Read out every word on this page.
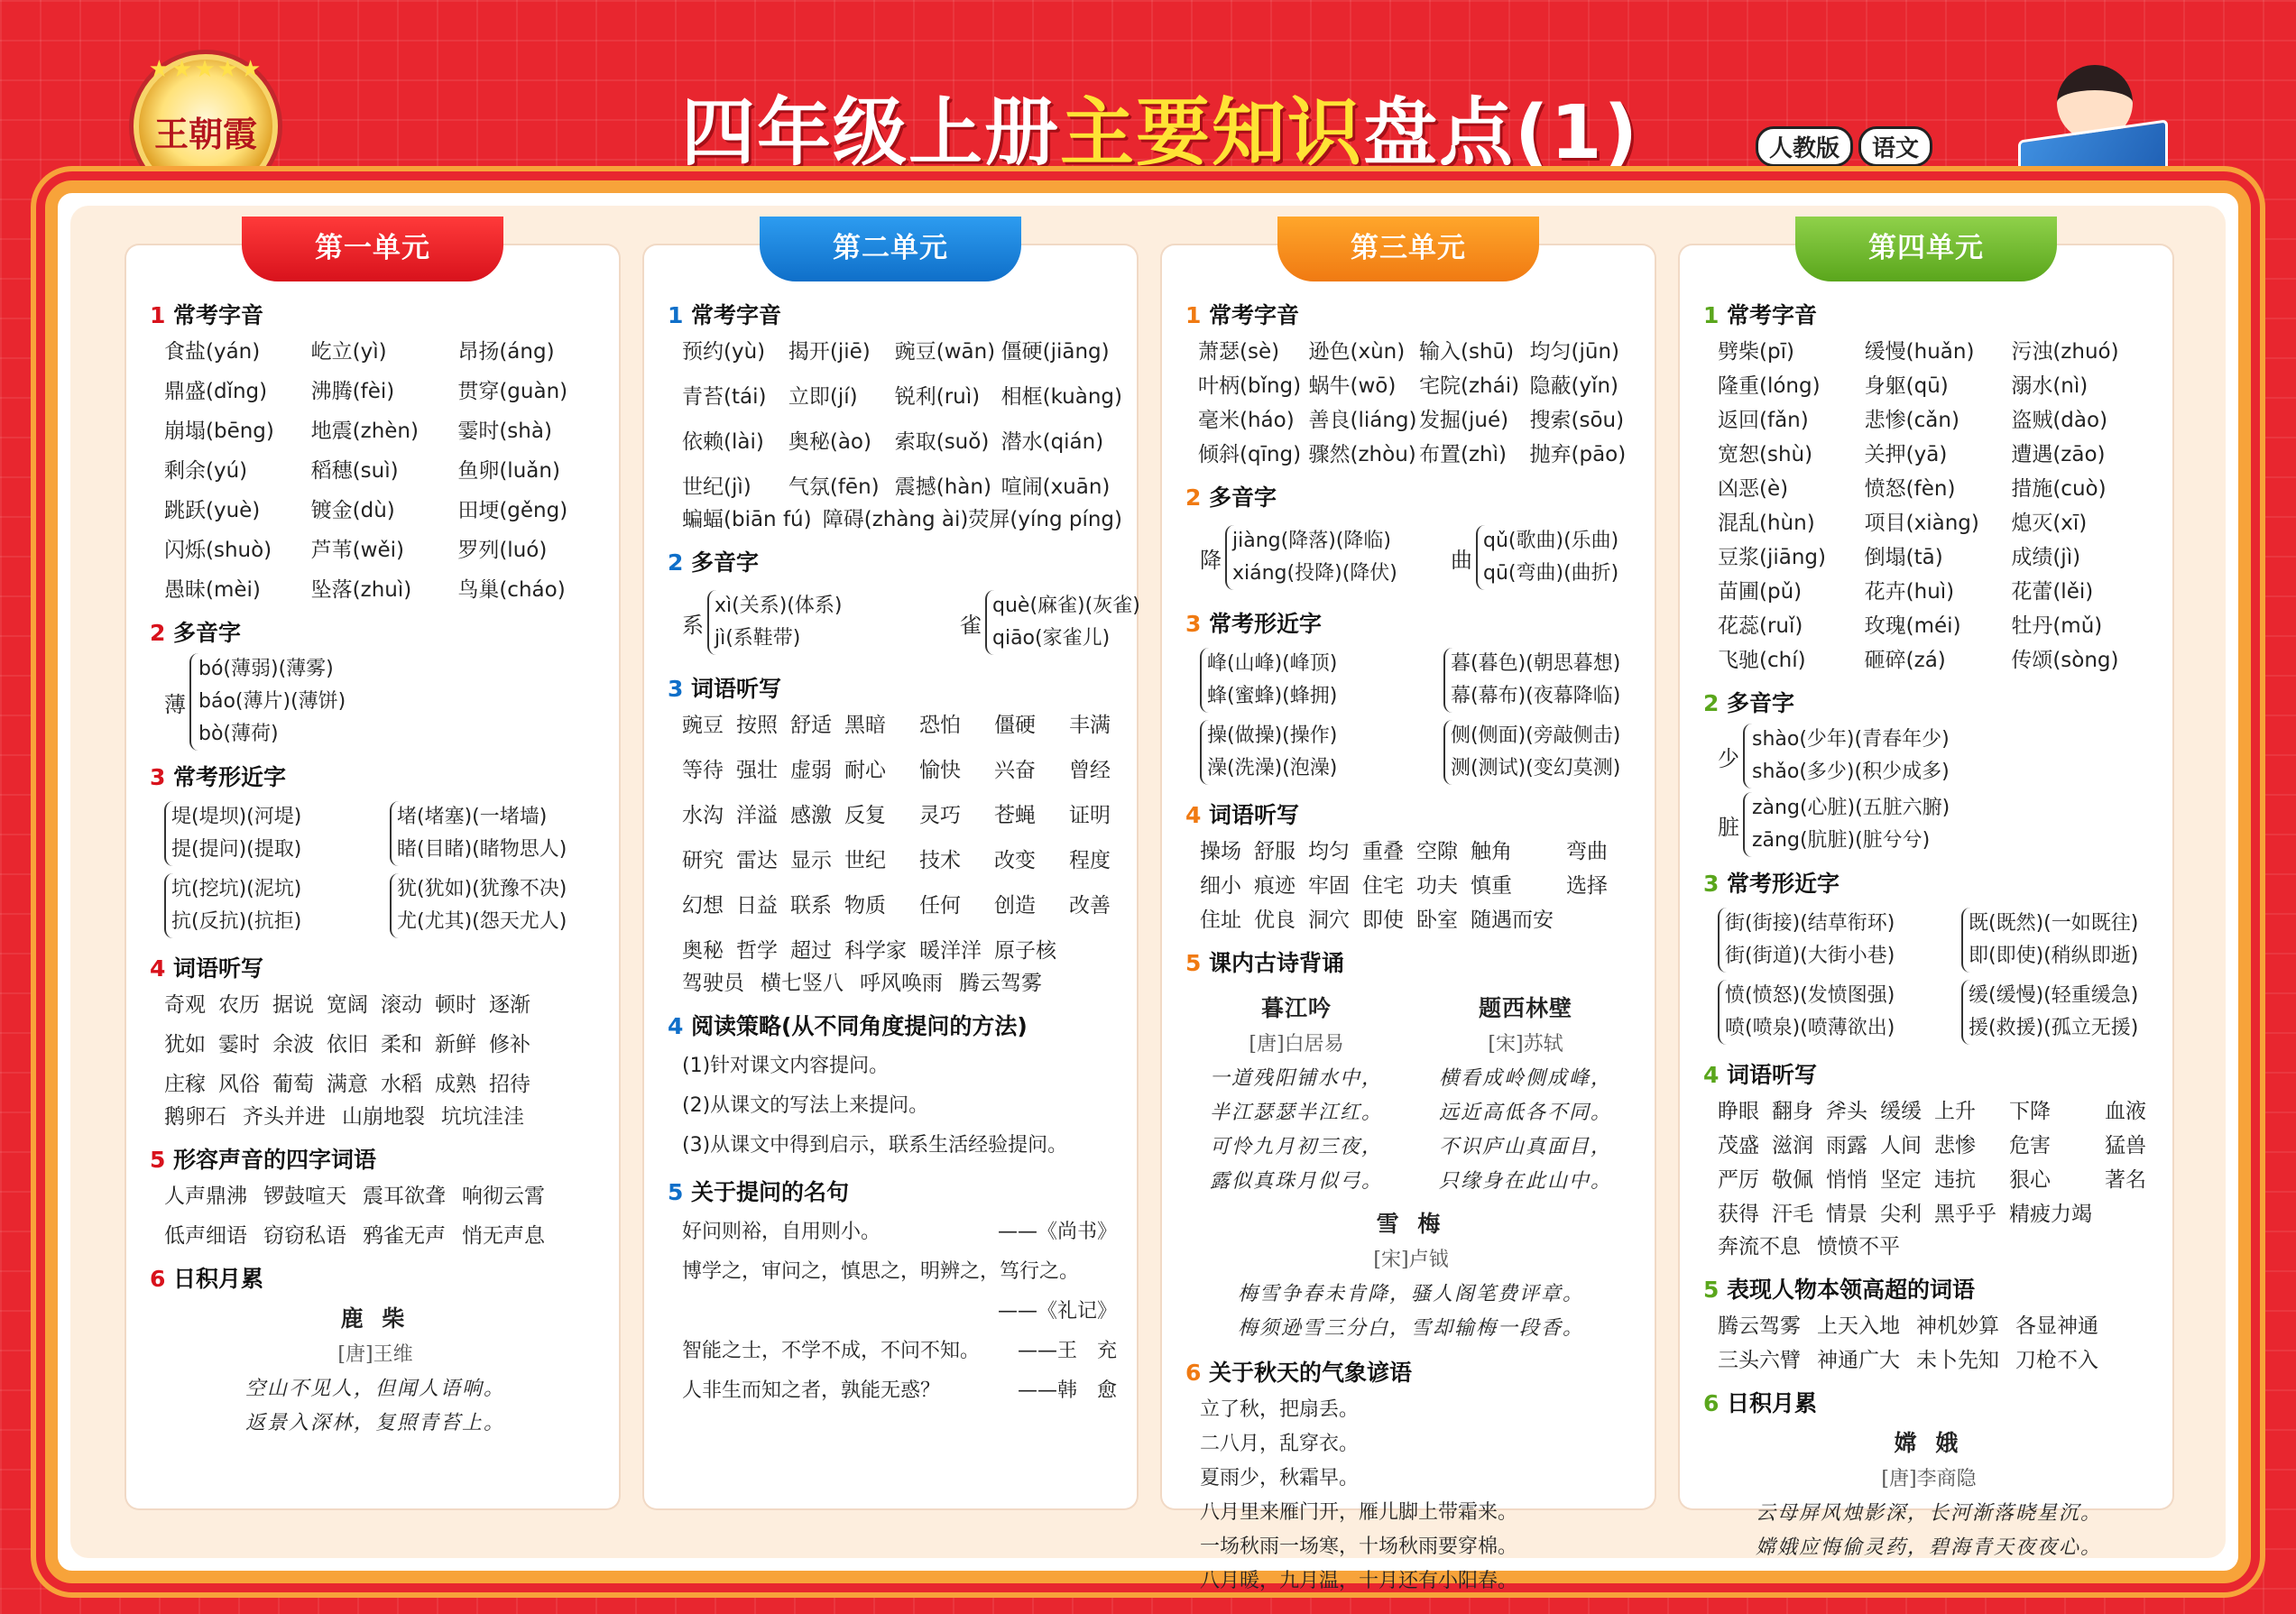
★★★★★
王朝霞	四年级上册主要知识盘点(1)	人教版	语文
第一单元
1 常考字音
食盐(yán)	屹立(yì)	昂扬(áng)
鼎盛(dǐng)	沸腾(fèi)	贯穿(guàn)
崩塌(bēng)	地震(zhèn)	霎时(shà)
剩余(yú)	稻穗(suì)	鱼卵(luǎn)
跳跃(yuè)	镀金(dù)	田埂(gěng)
闪烁(shuò)	芦苇(wěi)	罗列(luó)
愚昧(mèi)	坠落(zhuì)	鸟巢(cháo)
2 多音字
薄
bó(薄弱)(薄雾)
báo(薄片)(薄饼)
bò(薄荷)
3 常考形近字
堤(堤坝)(河堤)
提(提问)(提取)
堵(堵塞)(一堵墙)
睹(目睹)(睹物思人)
坑(挖坑)(泥坑)
抗(反抗)(抗拒)
犹(犹如)(犹豫不决)
尤(尤其)(怨天尤人)
4 词语听写
奇观 农历 据说 宽阔 滚动 顿时 逐渐
犹如 霎时 余波 依旧 柔和 新鲜 修补
庄稼 风俗 葡萄 满意 水稻 成熟 招待
鹅卵石 齐头并进 山崩地裂 坑坑洼洼
5 形容声音的四字词语
人声鼎沸 锣鼓喧天 震耳欲聋 响彻云霄
低声细语 窃窃私语 鸦雀无声 悄无声息
6 日积月累
鹿 柴
[唐]王维
空山不见人，但闻人语响。
返景入深林，复照青苔上。
第二单元
1 常考字音
预约(yù)	揭开(jiē)	豌豆(wān) 僵硬(jiāng)
青苔(tái)	立即(jí)	锐利(ruì)	相框(kuàng)
依赖(lài)	奥秘(ào)	索取(suǒ) 潜水(qián)
世纪(jì)	气氛(fēn) 震撼(hàn) 喧闹(xuān)
蝙蝠(biān fú) 障碍(zhàng ài) 荧屏(yíng píng)
2 多音字
系
xì(关系)(体系)
jì(系鞋带)
雀
què(麻雀)(灰雀)
qiāo(家雀儿)
3 词语听写
豌豆 按照 舒适 黑暗	恐怕	僵硬	丰满
等待 强壮 虚弱 耐心	愉快	兴奋	曾经
水沟 洋溢 感激 反复	灵巧	苍蝇	证明
研究 雷达 显示 世纪	技术	改变	程度
幻想 日益 联系 物质	任何	创造	改善
奥秘 哲学 超过 科学家 暖洋洋 原子核
驾驶员 横七竖八 呼风唤雨 腾云驾雾
4 阅读策略(从不同角度提问的方法)
(1)针对课文内容提问。
(2)从课文的写法上来提问。
(3)从课文中得到启示，联系生活经验提问。
5 关于提问的名句
好问则裕，自用则小。	——《尚书》
博学之，审问之，慎思之，明辨之，笃行之。
——《礼记》
智能之士，不学不成，不问不知。 ——王　充
人非生而知之者，孰能无惑？	——韩　愈
第三单元
1 常考字音
萧瑟(sè)	逊色(xùn) 输入(shū) 均匀(jūn)
叶柄(bǐng) 蜗牛(wō)	宅院(zhái) 隐蔽(yǐn)
毫米(háo) 善良(liáng) 发掘(jué)	搜索(sōu)
倾斜(qīng) 骤然(zhòu) 布置(zhì)	抛弃(pāo)
2 多音字
降
jiàng(降落)(降临)
xiáng(投降)(降伏)
曲
qǔ(歌曲)(乐曲)
qū(弯曲)(曲折)
3 常考形近字
峰(山峰)(峰顶)
蜂(蜜蜂)(蜂拥)
暮(暮色)(朝思暮想)
幕(幕布)(夜幕降临)
操(做操)(操作)
澡(洗澡)(泡澡)
侧(侧面)(旁敲侧击)
测(测试)(变幻莫测)
4 词语听写
操场 舒服 均匀 重叠 空隙 触角	弯曲
细小 痕迹 牢固 住宅 功夫 慎重	选择
住址 优良 洞穴 即使 卧室 随遇而安
5 课内古诗背诵
暮江吟
[唐]白居易
一道残阳铺水中，
半江瑟瑟半江红。
可怜九月初三夜，
露似真珠月似弓。
题西林壁
[宋]苏轼
横看成岭侧成峰，
远近高低各不同。
不识庐山真面目，
只缘身在此山中。
雪 梅
[宋]卢钺
梅雪争春未肯降，骚人阁笔费评章。
梅须逊雪三分白，雪却输梅一段香。
6 关于秋天的气象谚语
立了秋，把扇丢。
二八月，乱穿衣。
夏雨少，秋霜早。
八月里来雁门开，雁儿脚上带霜来。
一场秋雨一场寒，十场秋雨要穿棉。
八月暖，九月温，十月还有小阳春。
第四单元
1 常考字音
劈柴(pī)	缓慢(huǎn)	污浊(zhuó)
隆重(lóng)	身躯(qū)	溺水(nì)
返回(fǎn)	悲惨(cǎn)	盗贼(dào)
宽恕(shù)	关押(yā)	遭遇(zāo)
凶恶(è)	愤怒(fèn)	措施(cuò)
混乱(hùn)	项目(xiàng)	熄灭(xī)
豆浆(jiāng)	倒塌(tā)	成绩(jì)
苗圃(pǔ)	花卉(huì)	花蕾(lěi)
花蕊(ruǐ)	玫瑰(méi)	牡丹(mǔ)
飞驰(chí)	砸碎(zá)	传颂(sòng)
2 多音字
少
shào(少年)(青春年少)
shǎo(多少)(积少成多)
脏
zàng(心脏)(五脏六腑)
zāng(肮脏)(脏兮兮)
3 常考形近字
街(街接)(结草衔环)
街(街道)(大街小巷)
既(既然)(一如既往)
即(即使)(稍纵即逝)
愤(愤怒)(发愤图强)
喷(喷泉)(喷薄欲出)
缓(缓慢)(轻重缓急)
援(救援)(孤立无援)
4 词语听写
睁眼 翻身 斧头 缓缓 上升	下降	血液
茂盛 滋润 雨露 人间 悲惨	危害	猛兽
严厉 敬佩 悄悄 坚定 违抗	狠心	著名
获得 汗毛 情景 尖利 黑乎乎 精疲力竭
奔流不息 愤愤不平
5 表现人物本领高超的词语
腾云驾雾 上天入地 神机妙算 各显神通
三头六臂 神通广大 未卜先知 刀枪不入
6 日积月累
嫦 娥
[唐]李商隐
云母屏风烛影深，长河渐落晓星沉。
嫦娥应悔偷灵药，碧海青天夜夜心。
